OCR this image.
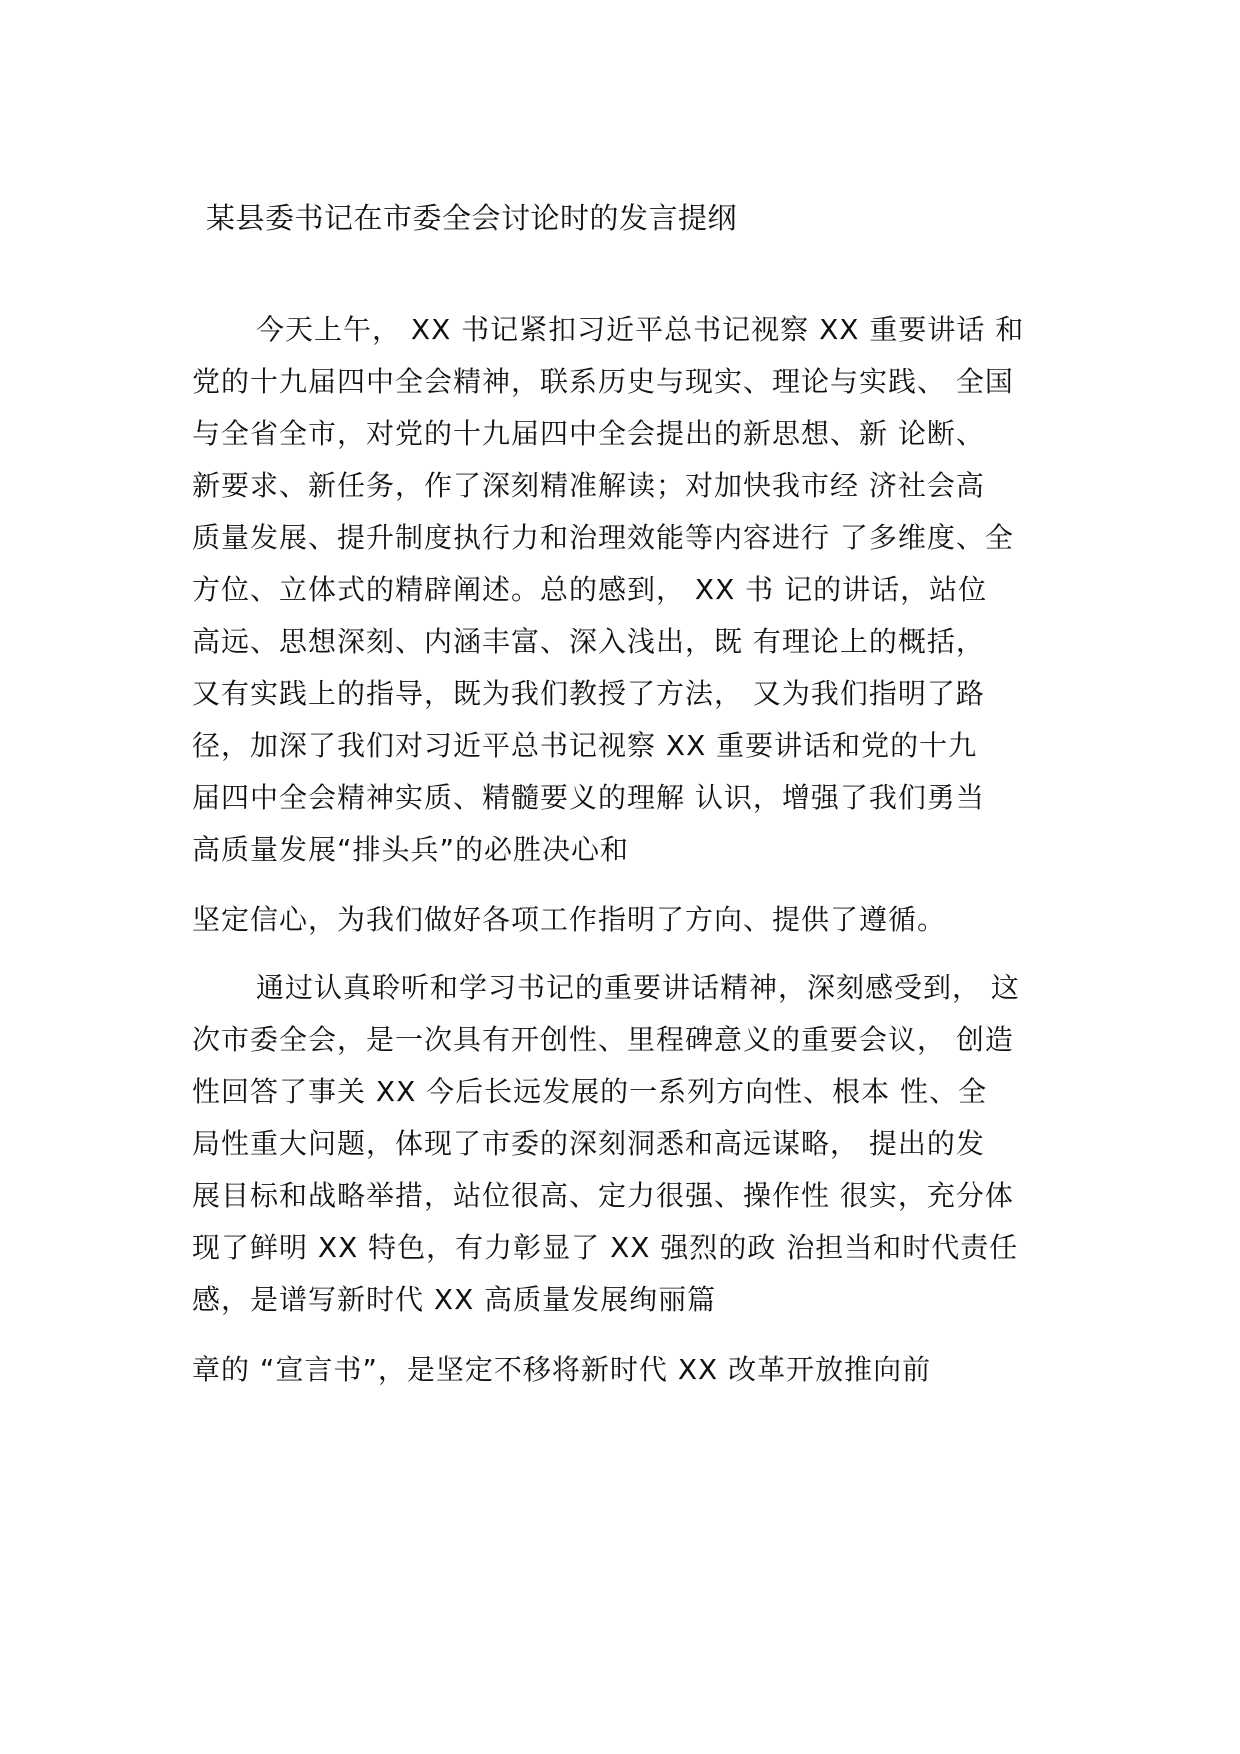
某县委书记在市委全会讨论时的发言提纲
今天上午， XX 书记紧扣习近平总书记视察 XX 重要讲话 和
党的十九届四中全会精神，联系历史与现实、理论与实践、 全国
与全省全市，对党的十九届四中全会提出的新思想、新 论断、
新要求、新任务，作了深刻精准解读；对加快我市经 济社会高
质量发展、提升制度执行力和治理效能等内容进行 了多维度、全
方位、立体式的精辟阐述。总的感到， XX 书 记的讲话，站位
高远、思想深刻、内涵丰富、深入浅出，既 有理论上的概括，
又有实践上的指导，既为我们教授了方法， 又为我们指明了路
径，加深了我们对习近平总书记视察 XX 重要讲话和党的十九
届四中全会精神实质、精髓要义的理解 认识，增强了我们勇当
高质量发展“排头兵”的必胜决心和
坚定信心，为我们做好各项工作指明了方向、提供了遵循。
通过认真聆听和学习书记的重要讲话精神，深刻感受到， 这
次市委全会，是一次具有开创性、里程碑意义的重要会议， 创造
性回答了事关 XX 今后长远发展的一系列方向性、根本 性、全
局性重大问题，体现了市委的深刻洞悉和高远谋略， 提出的发
展目标和战略举措，站位很高、定力很强、操作性 很实，充分体
现了鲜明 XX 特色，有力彰显了 XX 强烈的政 治担当和时代责任
感，是谱写新时代 XX 高质量发展绚丽篇
章的 “宣言书”，是坚定不移将新时代 XX 改革开放推向前
